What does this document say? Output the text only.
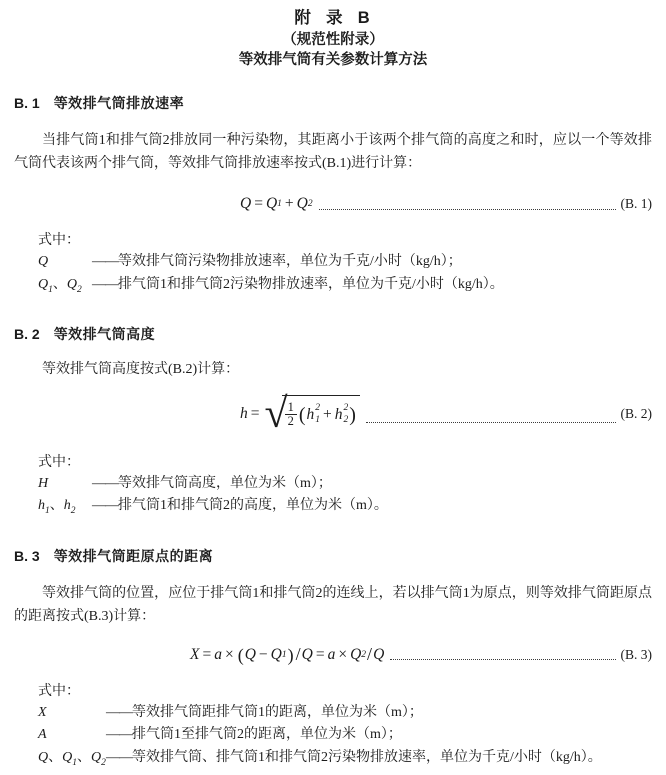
附  录  B
（规范性附录）
等效排气筒有关参数计算方法
B. 1 等效排气筒排放速率
当排气筒1和排气筒2排放同一种污染物，其距离小于该两个排气筒的高度之和时，应以一个等效排气筒代表该两个排气筒，等效排气筒排放速率按式(B.1)进行计算：
Q = Q 1 + Q 2	(B. 1)
式中：
Q	—— 等效排气筒污染物排放速率，单位为千克/小时（kg/h）；
$Q_1$、$Q_2$ —— 排气筒1和排气筒2污染物排放速率，单位为千克/小时（kg/h）。
B. 2 等效排气筒高度
等效排气筒高度按式(B.2)计算：
h = √
$\frac{1}{2}$ ( h 2
1 + h 2
2 )	(B. 2)
式中：
H	—— 等效排气筒高度，单位为米（m）；
$h_1$、$h_2$	—— 排气筒1和排气筒2的高度，单位为米（m）。
B. 3 等效排气筒距原点的距离
等效排气筒的位置，应位于排气筒1和排气筒2的连线上，若以排气筒1为原点，则等效排气筒距原点的距离按式(B.3)计算：
X = a × ( Q − Q 1 ) / Q = a × Q 2 / Q	(B. 3)
式中：
X	—— 等效排气筒距排气筒1的距离，单位为米（m）；
A	—— 排气筒1至排气筒2的距离，单位为米（m）；
Q、$Q_1$、$Q_2$ —— 等效排气筒、排气筒1和排气筒2污染物排放速率，单位为千克/小时（kg/h）。
